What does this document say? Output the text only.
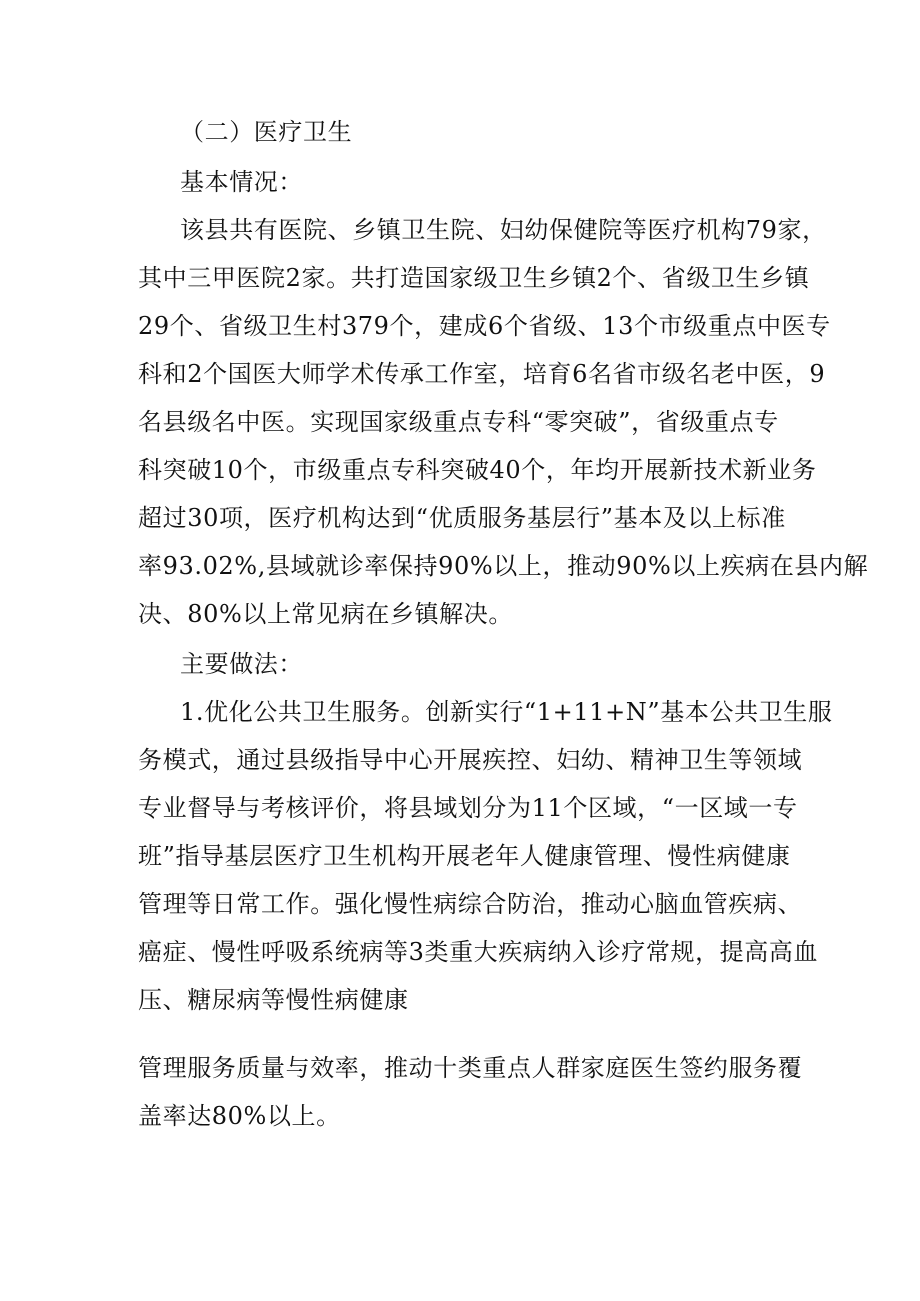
（二）医疗卫生

基本情况：

该县共有医院、乡镇卫生院、妇幼保健院等医疗机构79家，

其中三甲医院2家。共打造国家级卫生乡镇2个、省级卫生乡镇

29个、省级卫生村379个，建成6个省级、13个市级重点中医专

科和2个国医大师学术传承工作室，培育6名省市级名老中医，9

名县级名中医。实现国家级重点专科“零突破”，省级重点专

科突破10个，市级重点专科突破40个，年均开展新技术新业务

超过30项，医疗机构达到“优质服务基层行”基本及以上标准

率93.02%,县域就诊率保持90%以上，推动90%以上疾病在县内解

决、80%以上常见病在乡镇解决。

主要做法：

1.优化公共卫生服务。创新实行“1+11+N”基本公共卫生服

务模式，通过县级指导中心开展疾控、妇幼、精神卫生等领域

专业督导与考核评价，将县域划分为11个区域，“一区域一专

班”指导基层医疗卫生机构开展老年人健康管理、慢性病健康

管理等日常工作。强化慢性病综合防治，推动心脑血管疾病、

癌症、慢性呼吸系统病等3类重大疾病纳入诊疗常规，提高高血

压、糖尿病等慢性病健康

管理服务质量与效率，推动十类重点人群家庭医生签约服务覆

盖率达80%以上。
